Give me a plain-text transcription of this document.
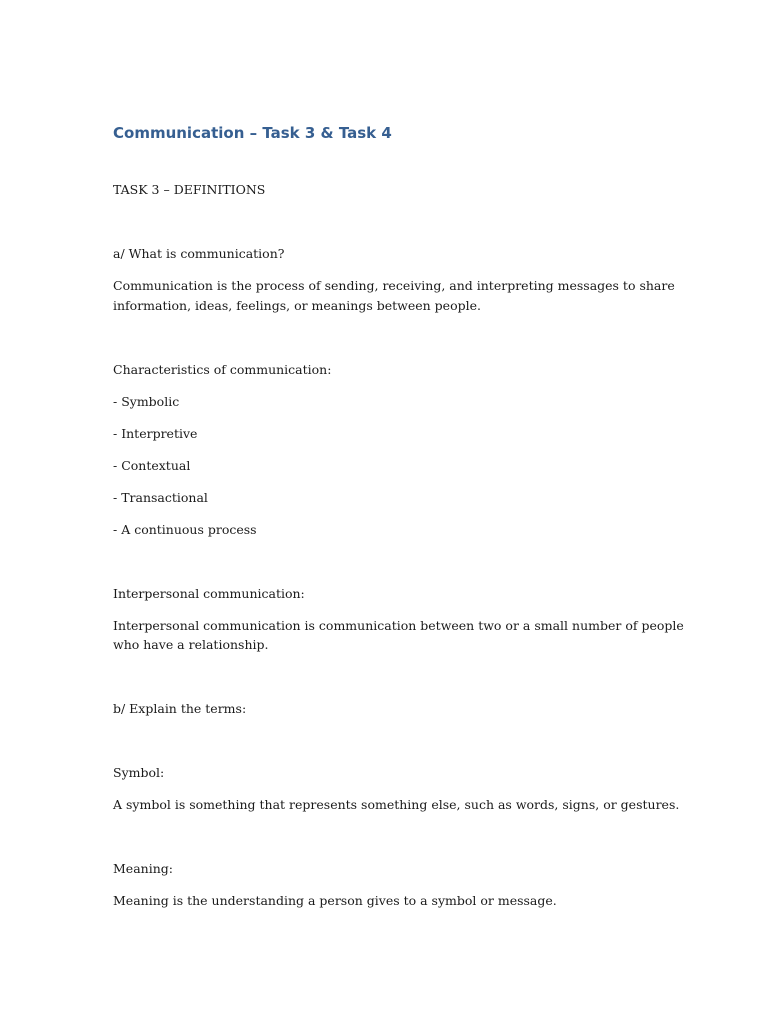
Communication – Task 3 & Task 4

TASK 3 – DEFINITIONS

a/ What is communication?

Communication is the process of sending, receiving, and interpreting messages to share

information, ideas, feelings, or meanings between people.

Characteristics of communication:

- Symbolic

- Interpretive

- Contextual

- Transactional

- A continuous process

Interpersonal communication:

Interpersonal communication is communication between two or a small number of people

who have a relationship.

b/ Explain the terms:

Symbol:

A symbol is something that represents something else, such as words, signs, or gestures.

Meaning:

Meaning is the understanding a person gives to a symbol or message.
